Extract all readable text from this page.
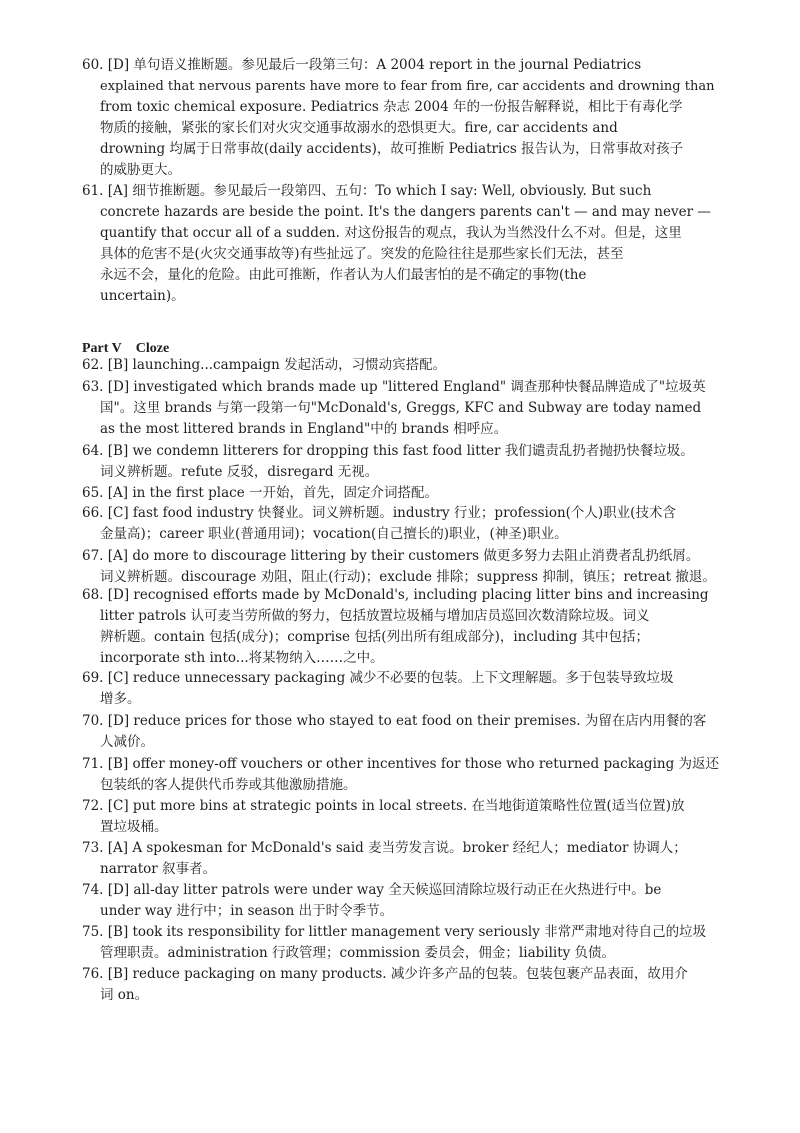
Part V Cloze
60. [D] 单句语义推断题。参见最后一段第三句：A 2004 report in the journal Pediatrics
explained that nervous parents have more to fear from fire, car accidents and drowning than
from toxic chemical exposure. Pediatrics 杂志 2004 年的一份报告解释说，相比于有毒化学
物质的接触，紧张的家长们对火灾交通事故溺水的恐惧更大。fire, car accidents and
drowning 均属于日常事故(daily accidents)，故可推断 Pediatrics 报告认为，日常事故对孩子
的威胁更大。
61. [A] 细节推断题。参见最后一段第四、五句：To which I say: Well, obviously. But such
concrete hazards are beside the point. It's the dangers parents can't — and may never —
quantify that occur all of a sudden. 对这份报告的观点，我认为当然没什么不对。但是，这里
具体的危害不是(火灾交通事故等)有些扯远了。突发的危险往往是那些家长们无法，甚至
永远不会，量化的危险。由此可推断，作者认为人们最害怕的是不确定的事物(the
uncertain)。
62. [B] launching...campaign 发起活动，习惯动宾搭配。
63. [D] investigated which brands made up "littered England" 调查那种快餐品牌造成了"垃圾英
国"。这里 brands 与第一段第一句"McDonald's, Greggs, KFC and Subway are today named
as the most littered brands in England"中的 brands 相呼应。
64. [B] we condemn litterers for dropping this fast food litter 我们谴责乱扔者抛扔快餐垃圾。
词义辨析题。refute 反驳，disregard 无视。
65. [A] in the first place 一开始，首先，固定介词搭配。
66. [C] fast food industry 快餐业。词义辨析题。industry 行业；profession(个人)职业(技术含
金量高)；career 职业(普通用词)；vocation(自己擅长的)职业，(神圣)职业。
67. [A] do more to discourage littering by their customers 做更多努力去阻止消费者乱扔纸屑。
词义辨析题。discourage 劝阻，阻止(行动)；exclude 排除；suppress 抑制，镇压；retreat 撤退。
68. [D] recognised efforts made by McDonald's, including placing litter bins and increasing
litter patrols 认可麦当劳所做的努力，包括放置垃圾桶与增加店员巡回次数清除垃圾。词义
辨析题。contain 包括(成分)；comprise 包括(列出所有组成部分)，including 其中包括；
incorporate sth into...将某物纳入……之中。
69. [C] reduce unnecessary packaging 减少不必要的包装。上下文理解题。多于包装导致垃圾
增多。
70. [D] reduce prices for those who stayed to eat food on their premises. 为留在店内用餐的客
人减价。
71. [B] offer money-off vouchers or other incentives for those who returned packaging 为返还
包装纸的客人提供代币券或其他激励措施。
72. [C] put more bins at strategic points in local streets. 在当地街道策略性位置(适当位置)放
置垃圾桶。
73. [A] A spokesman for McDonald's said 麦当劳发言说。broker 经纪人；mediator 协调人；
narrator 叙事者。
74. [D] all-day litter patrols were under way 全天候巡回清除垃圾行动正在火热进行中。be
under way 进行中；in season 出于时令季节。
75. [B] took its responsibility for littler management very seriously 非常严肃地对待自己的垃圾
管理职责。administration 行政管理；commission 委员会，佣金；liability 负债。
76. [B] reduce packaging on many products. 减少许多产品的包装。包装包裹产品表面，故用介
词 on。
